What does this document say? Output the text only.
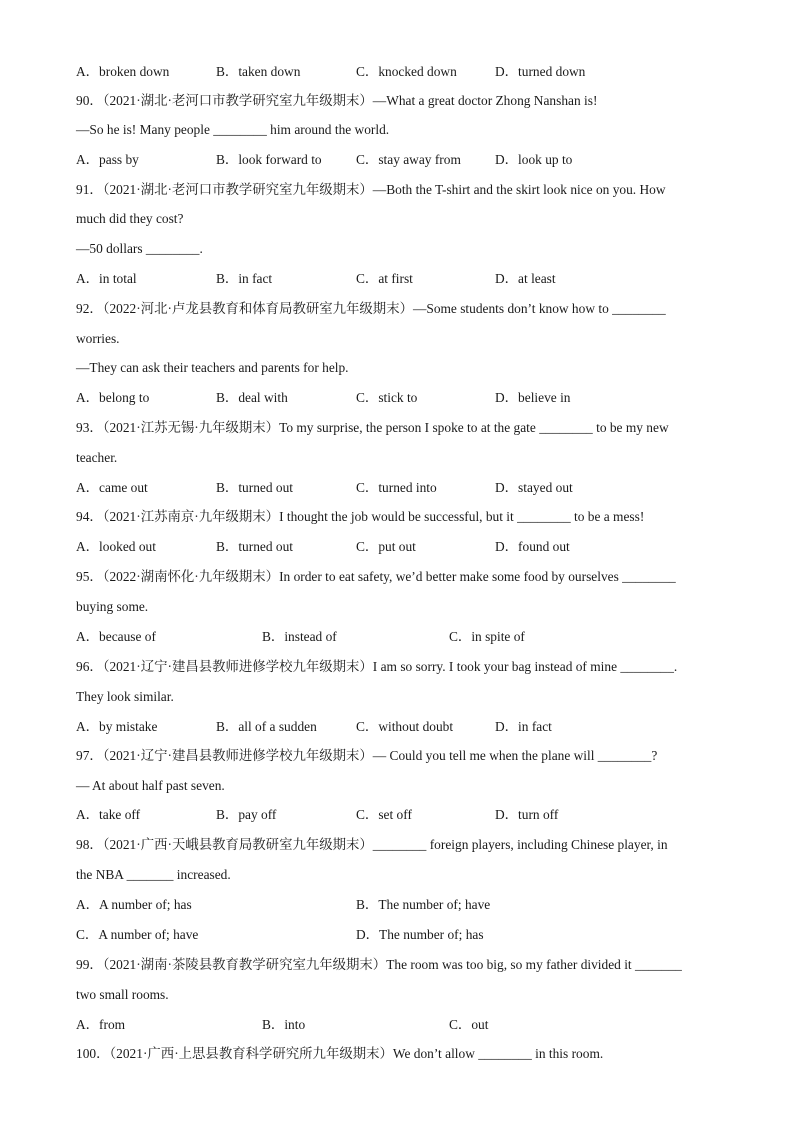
A．broken down	B．taken down	C．knocked down	D．turned down
90．（2021·湖北·老河口市教学研究室九年级期末）—What a great doctor Zhong Nanshan is!
—So he is! Many people ________ him around the world.
A．pass by	B．look forward to	C．stay away from	D．look up to
91．（2021·湖北·老河口市教学研究室九年级期末）—Both the T-shirt and the skirt look nice on you. How
much did they cost?
—50 dollars ________.
A．in total	B．in fact	C．at first	D．at least
92．（2022·河北·卢龙县教育和体育局教研室九年级期末）—Some students don’t know how to ________
worries.
—They can ask their teachers and parents for help.
A．belong to	B．deal with	C．stick to	D．believe in
93．（2021·江苏无锡·九年级期末）To my surprise, the person I spoke to at the gate ________ to be my new
teacher.
A．came out	B．turned out	C．turned into	D．stayed out
94．（2021·江苏南京·九年级期末）I thought the job would be successful, but it ________ to be a mess!
A．looked out	B．turned out	C．put out	D．found out
95．（2022·湖南怀化·九年级期末）In order to eat safety, we’d better make some food by ourselves ________
buying some.
A．because of	B．instead of	C．in spite of
96．（2021·辽宁·建昌县教师进修学校九年级期末）I am so sorry. I took your bag instead of mine ________.
They look similar.
A．by mistake	B．all of a sudden	C．without doubt	D．in fact
97．（2021·辽宁·建昌县教师进修学校九年级期末）— Could you tell me when the plane will ________?
— At about half past seven.
A．take off	B．pay off	C．set off	D．turn off
98．（2021·广西·天峨县教育局教研室九年级期末）________ foreign players, including Chinese player, in
the NBA _______ increased.
A．A number of; has	B．The number of; have
C．A number of; have	D．The number of; has
99．（2021·湖南·茶陵县教育教学研究室九年级期末）The room was too big, so my father divided it _______
two small rooms.
A．from	B．into	C．out
100．（2021·广西·上思县教育科学研究所九年级期末）We don’t allow ________ in this room.
